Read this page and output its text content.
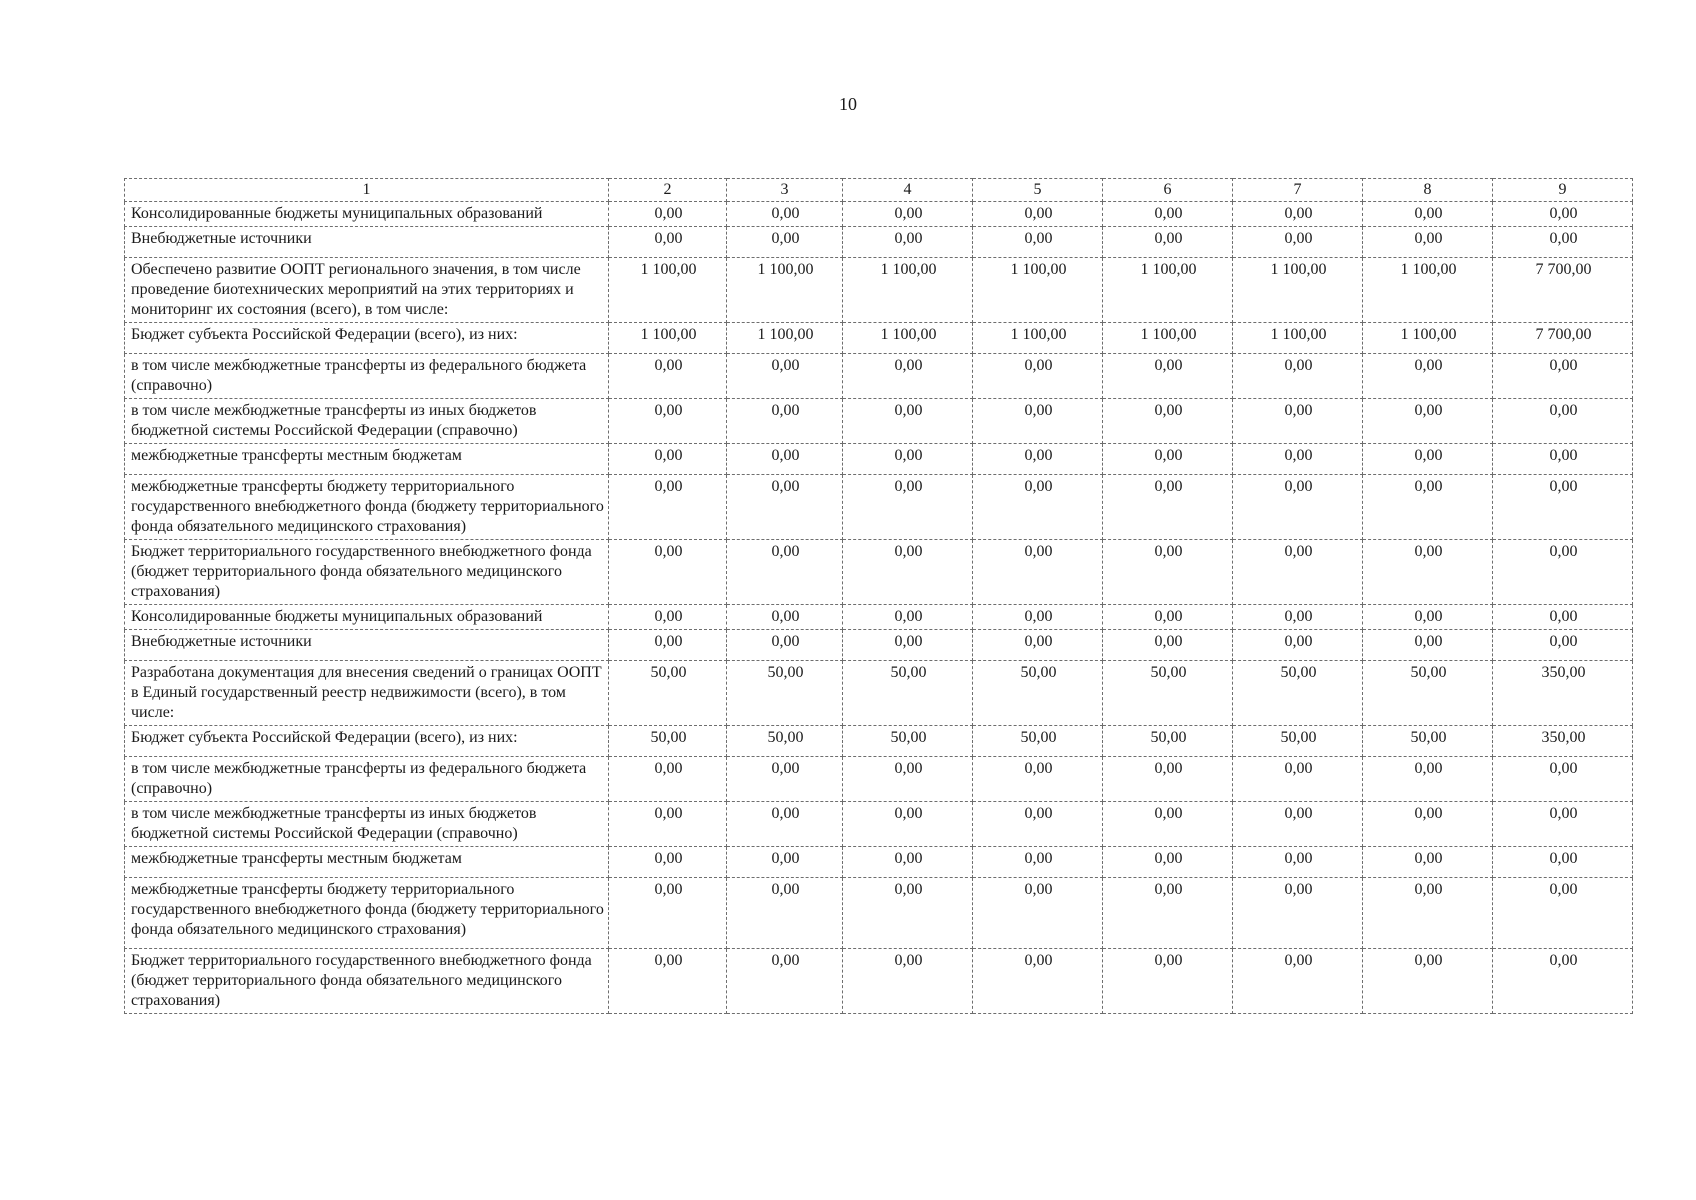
10
1	2	3	4	5	6	7	8	9
Консолидированные бюджеты муниципальных образований	0,00	0,00	0,00	0,00	0,00	0,00	0,00	0,00
Внебюджетные источники	0,00	0,00	0,00	0,00	0,00	0,00	0,00	0,00
Обеспечено развитие ООПТ регионального значения, в том числе проведение биотехнических мероприятий на этих территориях и мониторинг их состояния (всего), в том числе:	1 100,00	1 100,00	1 100,00	1 100,00	1 100,00	1 100,00	1 100,00	7 700,00
Бюджет субъекта Российской Федерации (всего), из них:	1 100,00	1 100,00	1 100,00	1 100,00	1 100,00	1 100,00	1 100,00	7 700,00
в том числе межбюджетные трансферты из федерального бюджета (справочно)	0,00	0,00	0,00	0,00	0,00	0,00	0,00	0,00
в том числе межбюджетные трансферты из иных бюджетов бюджетной системы Российской Федерации (справочно)	0,00	0,00	0,00	0,00	0,00	0,00	0,00	0,00
межбюджетные трансферты местным бюджетам	0,00	0,00	0,00	0,00	0,00	0,00	0,00	0,00
межбюджетные трансферты бюджету территориального государственного внебюджетного фонда (бюджету территориального фонда обязательного медицинского страхования)	0,00	0,00	0,00	0,00	0,00	0,00	0,00	0,00
Бюджет территориального государственного внебюджетного фонда (бюджет территориального фонда обязательного медицинского страхования)	0,00	0,00	0,00	0,00	0,00	0,00	0,00	0,00
Консолидированные бюджеты муниципальных образований	0,00	0,00	0,00	0,00	0,00	0,00	0,00	0,00
Внебюджетные источники	0,00	0,00	0,00	0,00	0,00	0,00	0,00	0,00
Разработана документация для внесения сведений о границах ООПТ в Единый государственный реестр недвижимости (всего), в том числе:	50,00	50,00	50,00	50,00	50,00	50,00	50,00	350,00
Бюджет субъекта Российской Федерации (всего), из них:	50,00	50,00	50,00	50,00	50,00	50,00	50,00	350,00
в том числе межбюджетные трансферты из федерального бюджета (справочно)	0,00	0,00	0,00	0,00	0,00	0,00	0,00	0,00
в том числе межбюджетные трансферты из иных бюджетов бюджетной системы Российской Федерации (справочно)	0,00	0,00	0,00	0,00	0,00	0,00	0,00	0,00
межбюджетные трансферты местным бюджетам	0,00	0,00	0,00	0,00	0,00	0,00	0,00	0,00
межбюджетные трансферты бюджету территориального государственного внебюджетного фонда (бюджету территориального фонда обязательного медицинского страхования)	0,00	0,00	0,00	0,00	0,00	0,00	0,00	0,00
Бюджет территориального государственного внебюджетного фонда (бюджет территориального фонда обязательного медицинского страхования)	0,00	0,00	0,00	0,00	0,00	0,00	0,00	0,00
